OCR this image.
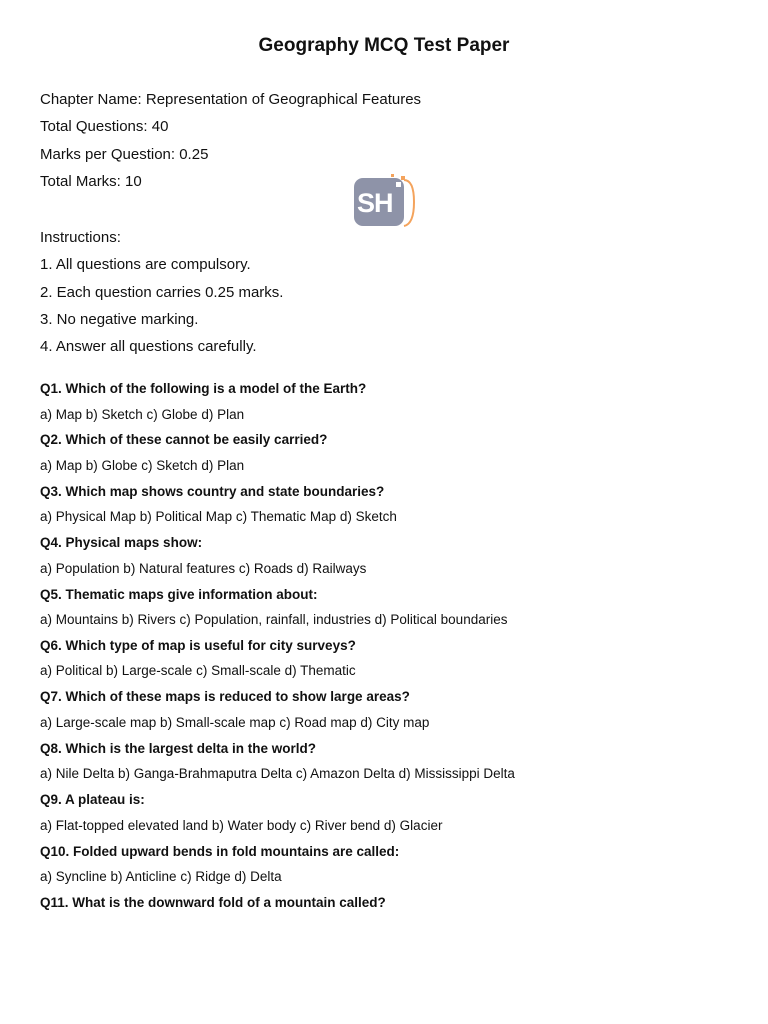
Geography MCQ Test Paper
Chapter Name: Representation of Geographical Features
Total Questions: 40
Marks per Question: 0.25
Total Marks: 10
SH
Instructions:
1. All questions are compulsory.
2. Each question carries 0.25 marks.
3. No negative marking.
4. Answer all questions carefully.
Q1. Which of the following is a model of the Earth?
a) Map b) Sketch c) Globe d) Plan
Q2. Which of these cannot be easily carried?
a) Map b) Globe c) Sketch d) Plan
Q3. Which map shows country and state boundaries?
a) Physical Map b) Political Map c) Thematic Map d) Sketch
Q4. Physical maps show:
a) Population b) Natural features c) Roads d) Railways
Q5. Thematic maps give information about:
a) Mountains b) Rivers c) Population, rainfall, industries d) Political boundaries
Q6. Which type of map is useful for city surveys?
a) Political b) Large-scale c) Small-scale d) Thematic
Q7. Which of these maps is reduced to show large areas?
a) Large-scale map b) Small-scale map c) Road map d) City map
Q8. Which is the largest delta in the world?
a) Nile Delta b) Ganga-Brahmaputra Delta c) Amazon Delta d) Mississippi Delta
Q9. A plateau is:
a) Flat-topped elevated land b) Water body c) River bend d) Glacier
Q10. Folded upward bends in fold mountains are called:
a) Syncline b) Anticline c) Ridge d) Delta
Q11. What is the downward fold of a mountain called?
